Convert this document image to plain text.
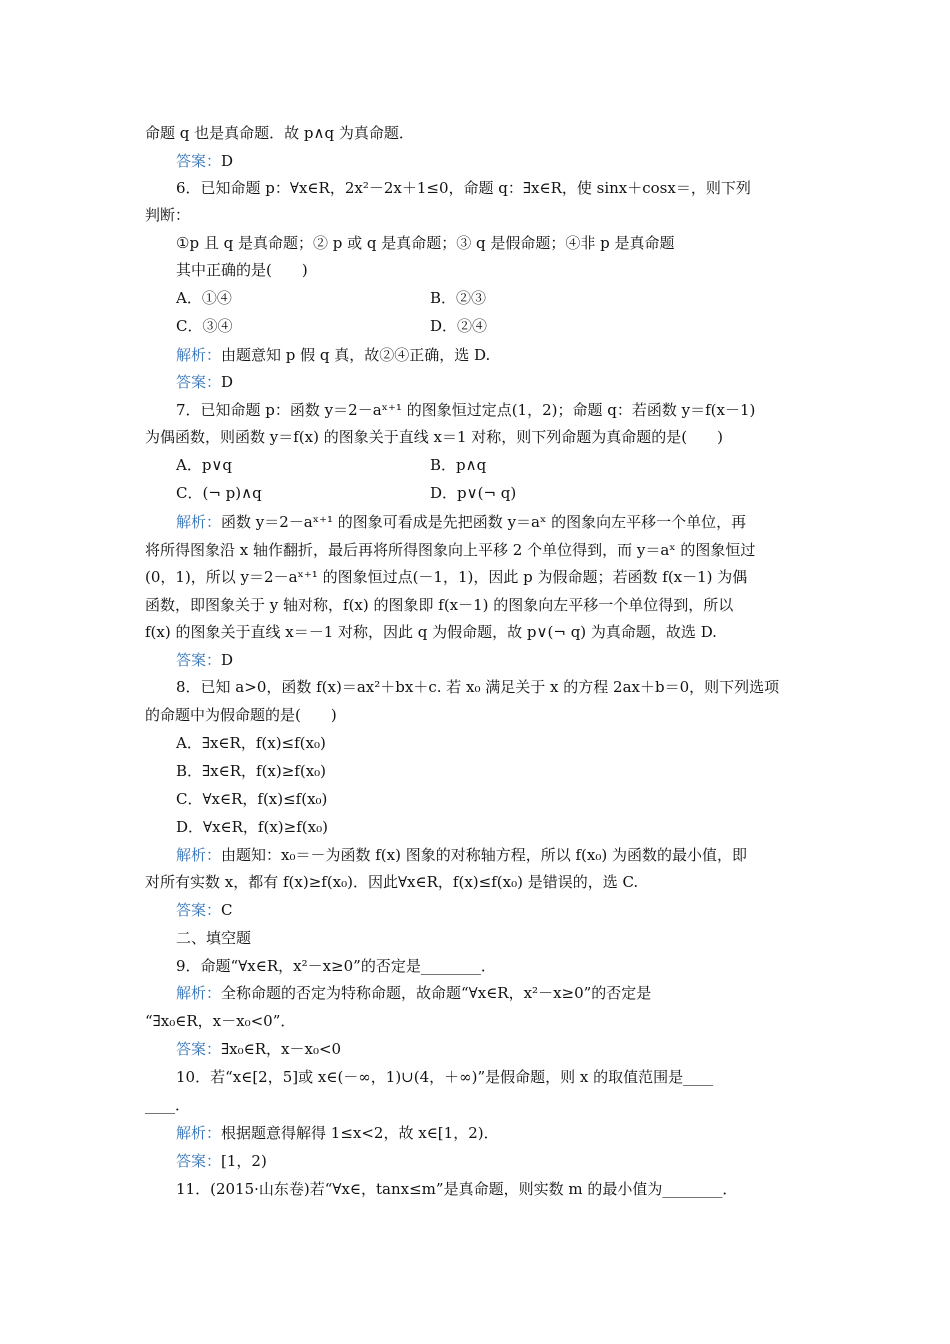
命题 q 也是真命题．故 p∧q 为真命题．
答案：D
6．已知命题 p：∀x∈R，2x²－2x＋1≤0，命题 q：∃x∈R，使 sinx＋cosx＝，则下列
判断：
①p 且 q 是真命题；② p 或 q 是真命题；③ q 是假命题；④非 p 是真命题
其中正确的是(　　)
解析：由题意知 p 假 q 真，故②④正确，选 D.
答案：D
7．已知命题 p：函数 y＝2－aˣ⁺¹ 的图象恒过定点(1，2)；命题 q：若函数 y＝f(x－1)
为偶函数，则函数 y＝f(x) 的图象关于直线 x＝1 对称，则下列命题为真命题的是(　　)
解析：函数 y＝2－aˣ⁺¹ 的图象可看成是先把函数 y＝aˣ 的图象向左平移一个单位，再
将所得图象沿 x 轴作翻折，最后再将所得图象向上平移 2 个单位得到，而 y＝aˣ 的图象恒过
(0，1)，所以 y＝2－aˣ⁺¹ 的图象恒过点(－1，1)，因此 p 为假命题；若函数 f(x－1) 为偶
函数，即图象关于 y 轴对称，f(x) 的图象即 f(x－1) 的图象向左平移一个单位得到，所以
f(x) 的图象关于直线 x＝－1 对称，因此 q 为假命题，故 p∨(¬ q) 为真命题，故选 D.
答案：D
8．已知 a>0，函数 f(x)＝ax²＋bx＋c. 若 x₀ 满足关于 x 的方程 2ax＋b＝0，则下列选项
的命题中为假命题的是(　　)
A．∃x∈R，f(x)≤f(x₀)
B．∃x∈R，f(x)≥f(x₀)
C．∀x∈R，f(x)≤f(x₀)
D．∀x∈R，f(x)≥f(x₀)
解析：由题知：x₀＝－为函数 f(x) 图象的对称轴方程，所以 f(x₀) 为函数的最小值，即
对所有实数 x，都有 f(x)≥f(x₀)．因此∀x∈R，f(x)≤f(x₀) 是错误的，选 C.
答案：C
二、填空题
9．命题“∀x∈R，x²－x≥0”的否定是________．
解析：全称命题的否定为特称命题，故命题“∀x∈R，x²－x≥0”的否定是
“∃x₀∈R，x－x₀<0”．
答案：∃x₀∈R，x－x₀<0
10．若“x∈[2，5]或 x∈(－∞，1)∪(4，＋∞)”是假命题，则 x 的取值范围是____
____．
解析：根据题意得解得 1≤x<2，故 x∈[1，2)．
答案：[1，2)
11．(2015·山东卷)若“∀x∈，tanx≤m”是真命题，则实数 m 的最小值为________．
A．①④	B．②③
C．③④	D．②④
A．p∨q	B．p∧q
C．(¬ p)∧q	D．p∨(¬ q)
